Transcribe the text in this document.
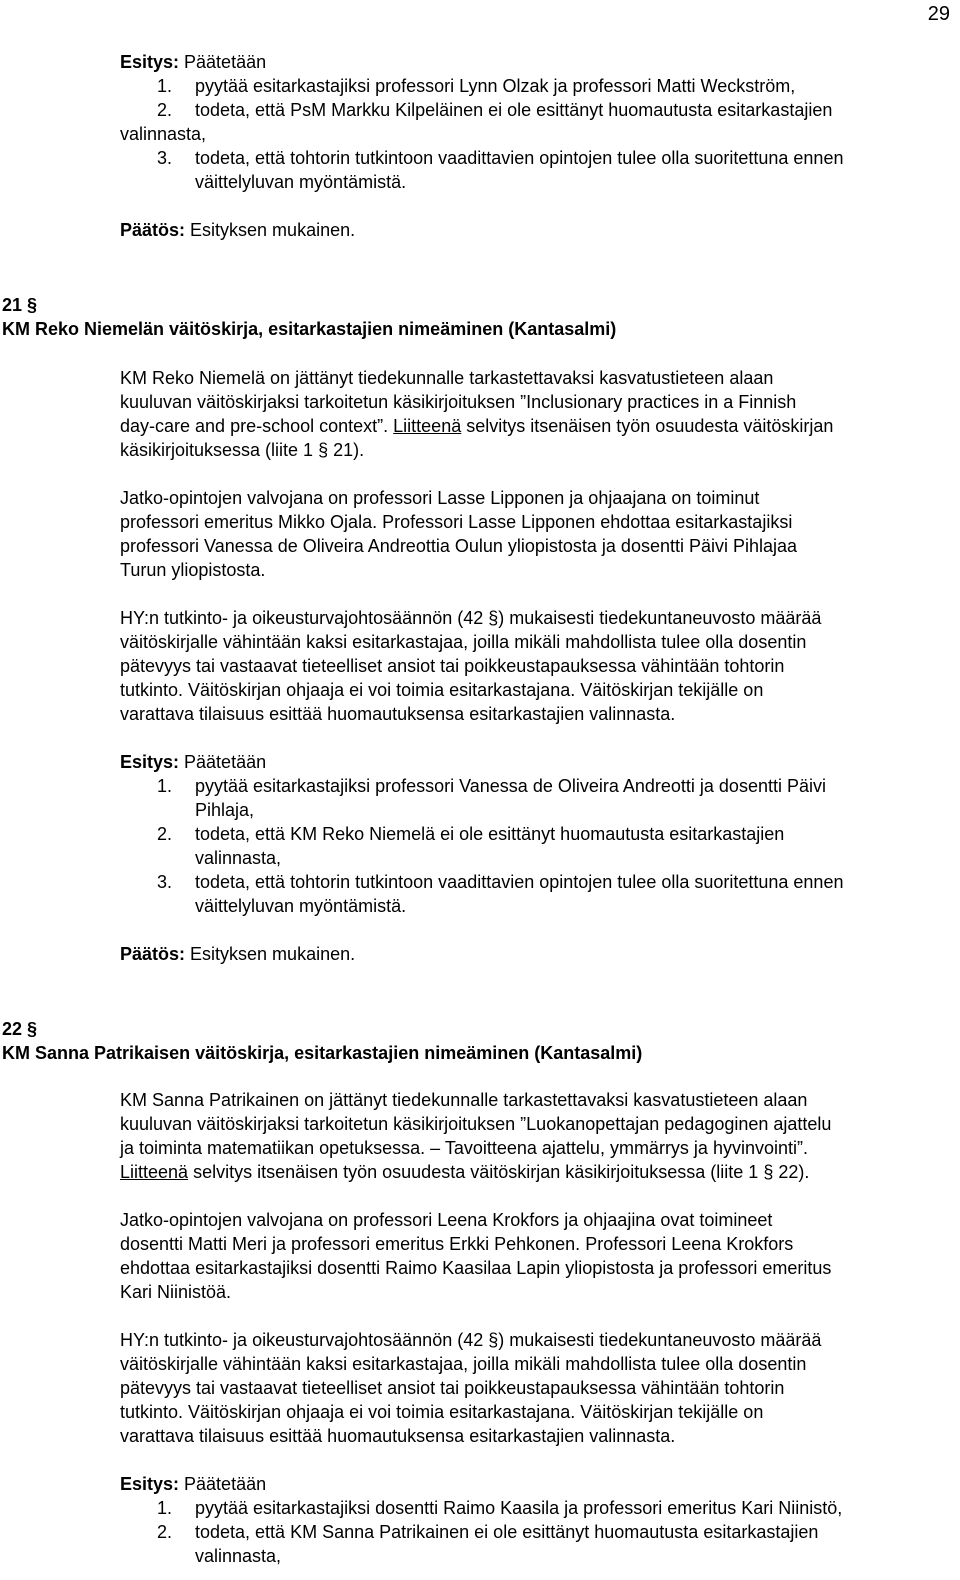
29
Esitys: Päätetään
1. pyytää esitarkastajiksi professori Lynn Olzak ja professori Matti Weckström,
2. todeta, että PsM Markku Kilpeläinen ei ole esittänyt huomautusta esitarkastajien
valinnasta,
3. todeta, että tohtorin tutkintoon vaadittavien opintojen tulee olla suoritettuna ennen
väittelyluvan myöntämistä.
Päätös: Esityksen mukainen.
21 §
KM Reko Niemelän väitöskirja, esitarkastajien nimeäminen (Kantasalmi)
KM Reko Niemelä on jättänyt tiedekunnalle tarkastettavaksi kasvatustieteen alaan
kuuluvan väitöskirjaksi tarkoitetun käsikirjoituksen ”Inclusionary practices in a Finnish
day-care and pre-school context”. Liitteenä selvitys itsenäisen työn osuudesta väitöskirjan
käsikirjoituksessa (liite 1 § 21).
Jatko-opintojen valvojana on professori Lasse Lipponen ja ohjaajana on toiminut
professori emeritus Mikko Ojala. Professori Lasse Lipponen ehdottaa esitarkastajiksi
professori Vanessa de Oliveira Andreottia Oulun yliopistosta ja dosentti Päivi Pihlajaa
Turun yliopistosta.
HY:n tutkinto- ja oikeusturvajohtosäännön (42 §) mukaisesti tiedekuntaneuvosto määrää
väitöskirjalle vähintään kaksi esitarkastajaa, joilla mikäli mahdollista tulee olla dosentin
pätevyys tai vastaavat tieteelliset ansiot tai poikkeustapauksessa vähintään tohtorin
tutkinto. Väitöskirjan ohjaaja ei voi toimia esitarkastajana. Väitöskirjan tekijälle on
varattava tilaisuus esittää huomautuksensa esitarkastajien valinnasta.
Esitys: Päätetään
1. pyytää esitarkastajiksi professori Vanessa de Oliveira Andreotti ja dosentti Päivi
Pihlaja,
2. todeta, että KM Reko Niemelä ei ole esittänyt huomautusta esitarkastajien
valinnasta,
3. todeta, että tohtorin tutkintoon vaadittavien opintojen tulee olla suoritettuna ennen
väittelyluvan myöntämistä.
Päätös: Esityksen mukainen.
22 §
KM Sanna Patrikaisen väitöskirja, esitarkastajien nimeäminen (Kantasalmi)
KM Sanna Patrikainen on jättänyt tiedekunnalle tarkastettavaksi kasvatustieteen alaan
kuuluvan väitöskirjaksi tarkoitetun käsikirjoituksen ”Luokanopettajan pedagoginen ajattelu
ja toiminta matematiikan opetuksessa. – Tavoitteena ajattelu, ymmärrys ja hyvinvointi”.
Liitteenä selvitys itsenäisen työn osuudesta väitöskirjan käsikirjoituksessa (liite 1 § 22).
Jatko-opintojen valvojana on professori Leena Krokfors ja ohjaajina ovat toimineet
dosentti Matti Meri ja professori emeritus Erkki Pehkonen. Professori Leena Krokfors
ehdottaa esitarkastajiksi dosentti Raimo Kaasilaa Lapin yliopistosta ja professori emeritus
Kari Niinistöä.
HY:n tutkinto- ja oikeusturvajohtosäännön (42 §) mukaisesti tiedekuntaneuvosto määrää
väitöskirjalle vähintään kaksi esitarkastajaa, joilla mikäli mahdollista tulee olla dosentin
pätevyys tai vastaavat tieteelliset ansiot tai poikkeustapauksessa vähintään tohtorin
tutkinto. Väitöskirjan ohjaaja ei voi toimia esitarkastajana. Väitöskirjan tekijälle on
varattava tilaisuus esittää huomautuksensa esitarkastajien valinnasta.
Esitys: Päätetään
1. pyytää esitarkastajiksi dosentti Raimo Kaasila ja professori emeritus Kari Niinistö,
2. todeta, että KM Sanna Patrikainen ei ole esittänyt huomautusta esitarkastajien
valinnasta,
